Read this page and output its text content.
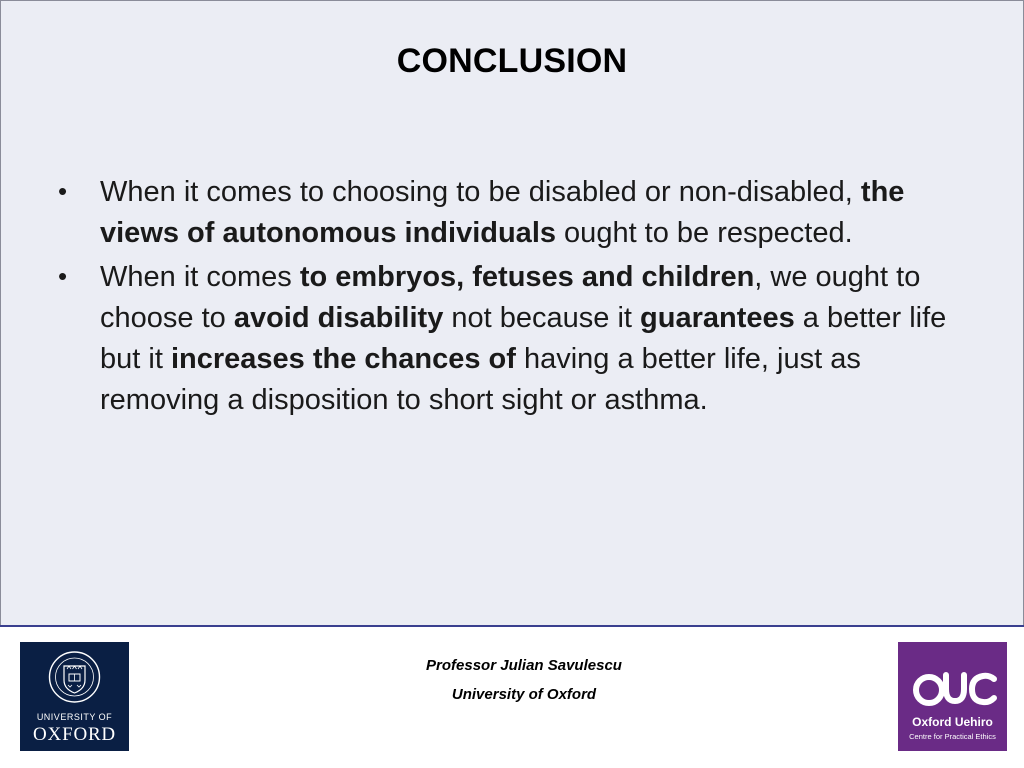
CONCLUSION
• When it comes to choosing to be disabled or non-disabled, the views of autonomous individuals ought to be respected.
• When it comes to embryos, fetuses and children, we ought to choose to avoid disability not because it guarantees a better life but it increases the chances of having a better life, just as removing a disposition to short sight or asthma.
Professor Julian Savulescu
University of Oxford
UNIVERSITY OF
OXFORD
Oxford Uehiro
Centre for Practical Ethics
